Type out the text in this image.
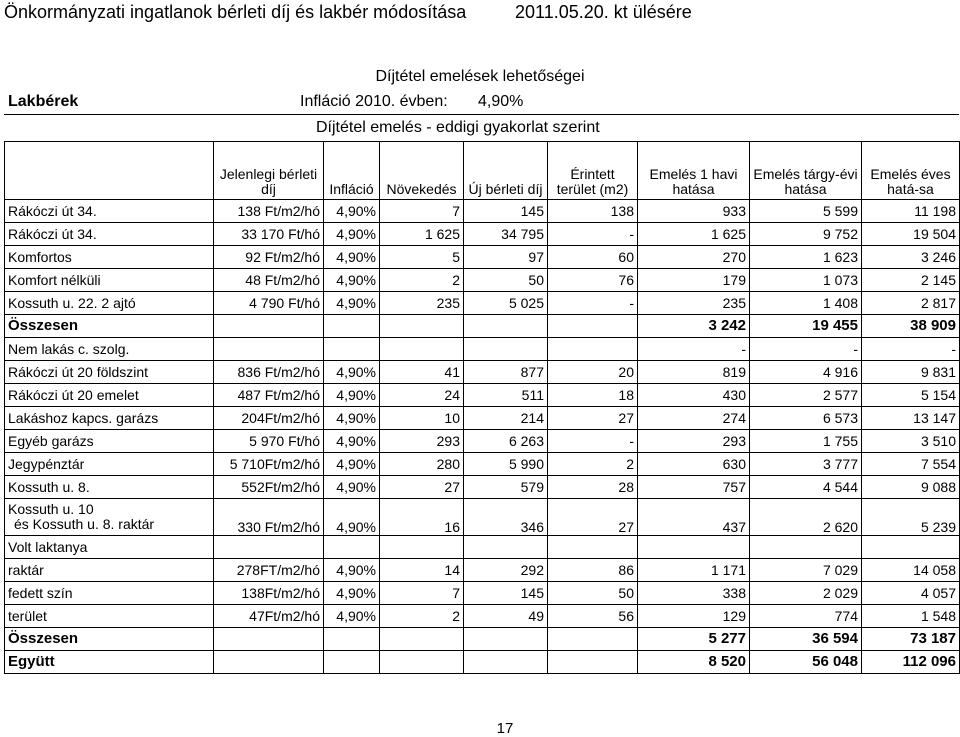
Önkormányzati ingatlanok bérleti díj és lakbér módosítása	2011.05.20. kt ülésére
Díjtétel emelések lehetőségei
Lakbérek	Infláció 2010. évben: 4,90%
Díjtétel emelés - eddigi gyakorlat szerint
	Jelenlegi bérleti díj	Infláció	Növekedés	Új bérleti díj	Érintett terület (m2)	Emelés 1 havi hatása	Emelés tárgy-évi hatása	Emelés éves hatá-sa
Rákóczi út 34.	138 Ft/m2/hó	4,90%	7	145	138	933	5 599	11 198
Rákóczi út 34.	33 170 Ft/hó	4,90%	1 625	34 795	-	1 625	9 752	19 504
Komfortos	92 Ft/m2/hó	4,90%	5	97	60	270	1 623	3 246
Komfort nélküli	48 Ft/m2/hó	4,90%	2	50	76	179	1 073	2 145
Kossuth u. 22. 2 ajtó	4 790 Ft/hó	4,90%	235	5 025	-	235	1 408	2 817
Összesen						3 242	19 455	38 909
Nem lakás c. szolg.						-	-	-
Rákóczi út 20 földszint	836 Ft/m2/hó	4,90%	41	877	20	819	4 916	9 831
Rákóczi út 20 emelet	487 Ft/m2/hó	4,90%	24	511	18	430	2 577	5 154
Lakáshoz kapcs. garázs	204Ft/m2/hó	4,90%	10	214	27	274	6 573	13 147
Egyéb garázs	5 970 Ft/hó	4,90%	293	6 263	-	293	1 755	3 510
Jegypénztár	5 710Ft/m2/hó	4,90%	280	5 990	2	630	3 777	7 554
Kossuth u. 8.	552Ft/m2/hó	4,90%	27	579	28	757	4 544	9 088

Kossuth u. 10
és Kossuth u. 8. raktár	330 Ft/m2/hó	4,90%	16	346	27	437	2 620	5 239
Volt laktanya								
raktár	278FT/m2/hó	4,90%	14	292	86	1 171	7 029	14 058
fedett szín	138Ft/m2/hó	4,90%	7	145	50	338	2 029	4 057
terület	47Ft/m2/hó	4,90%	2	49	56	129	774	1 548
Összesen						5 277	36 594	73 187
Együtt						8 520	56 048	112 096
17
